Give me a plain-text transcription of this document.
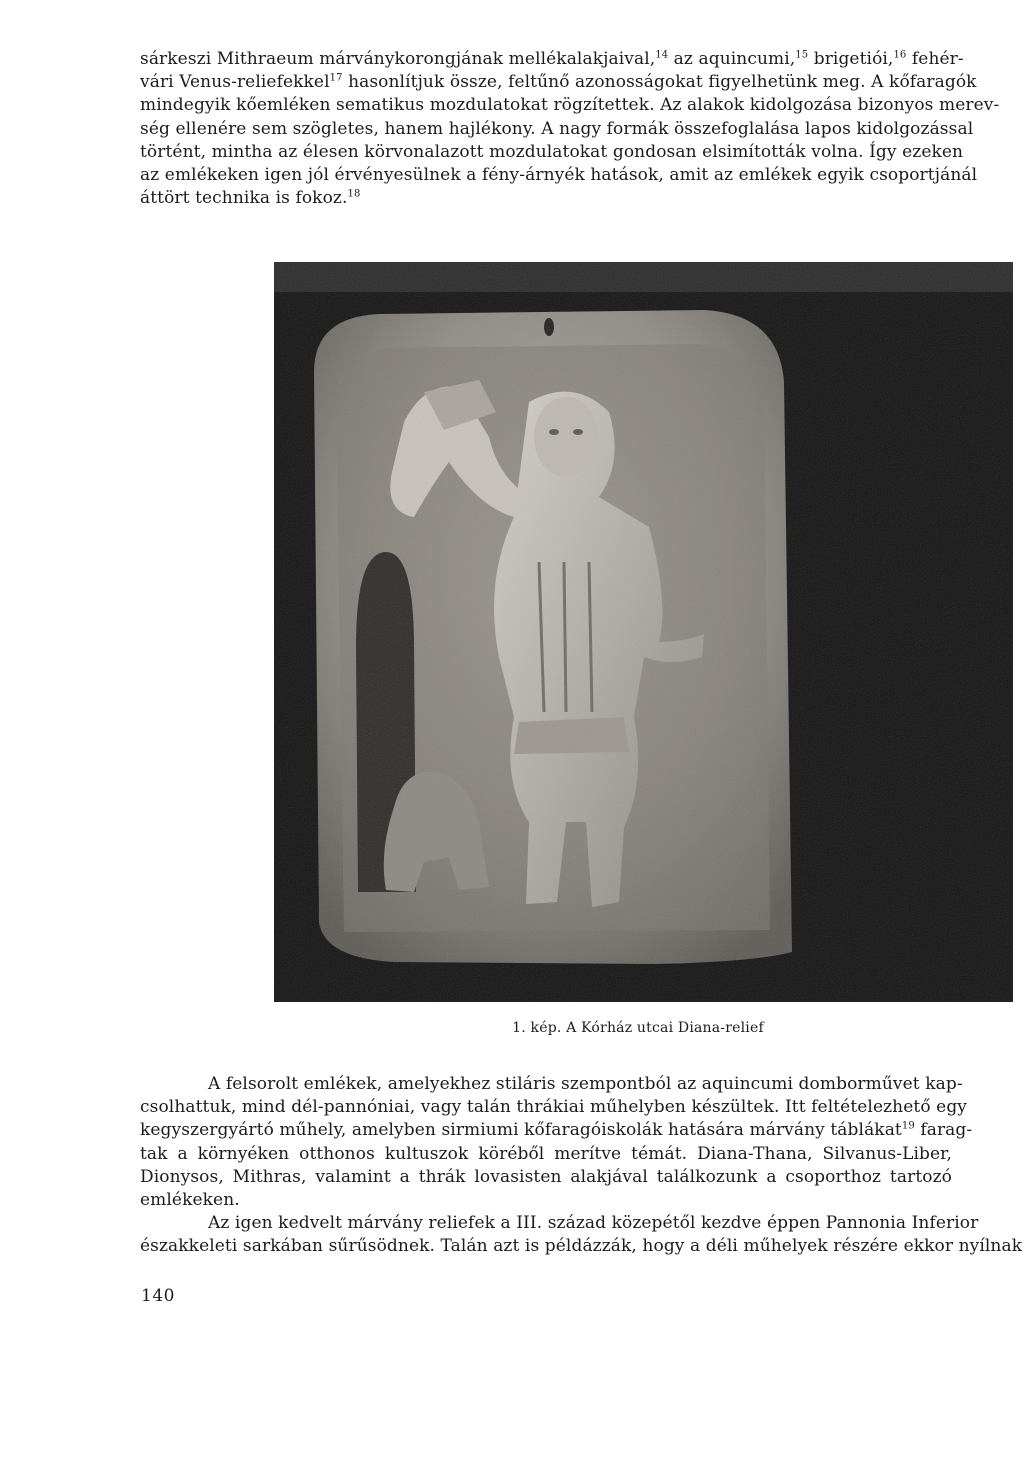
sárkeszi Mithraeum márványkorongjának mellékalakjaival,$^{14}$ az aquincumi,$^{15}$ brigetiói,$^{16}$ fehér-
vári Venus-reliefekkel$^{17}$ hasonlítjuk össze, feltűnő azonosságokat figyelhetünk meg. A kőfaragók
mindegyik kőemléken sematikus mozdulatokat rögzítettek. Az alakok kidolgozása bizonyos merev-
ség ellenére sem szögletes, hanem hajlékony. A nagy formák összefoglalása lapos kidolgozással
történt, mintha az élesen körvonalazott mozdulatokat gondosan elsimították volna. Így ezeken
az emlékeken igen jól érvényesülnek a fény-árnyék hatások, amit az emlékek egyik csoportjánál
áttört technika is fokoz.$^{18}$
1. kép. A Kórház utcai Diana-relief
A felsorolt emlékek, amelyekhez stiláris szempontból az aquincumi domborművet kap-
csolhattuk, mind dél-pannóniai, vagy talán thrákiai műhelyben készültek. Itt feltételezhető egy
kegyszergyártó műhely, amelyben sirmiumi kőfaragóiskolák hatására márvány táblákat$^{19}$ farag-
tak a környéken otthonos kultuszok köréből merítve témát. Diana-Thana, Silvanus-Liber,
Dionysos, Mithras, valamint a thrák lovasisten alakjával találkozunk a csoporthoz tartozó
emlékeken.
Az igen kedvelt márvány reliefek a III. század közepétől kezdve éppen Pannonia Inferior
északkeleti sarkában sűrűsödnek. Talán azt is példázzák, hogy a déli műhelyek részére ekkor nyílnak
140
